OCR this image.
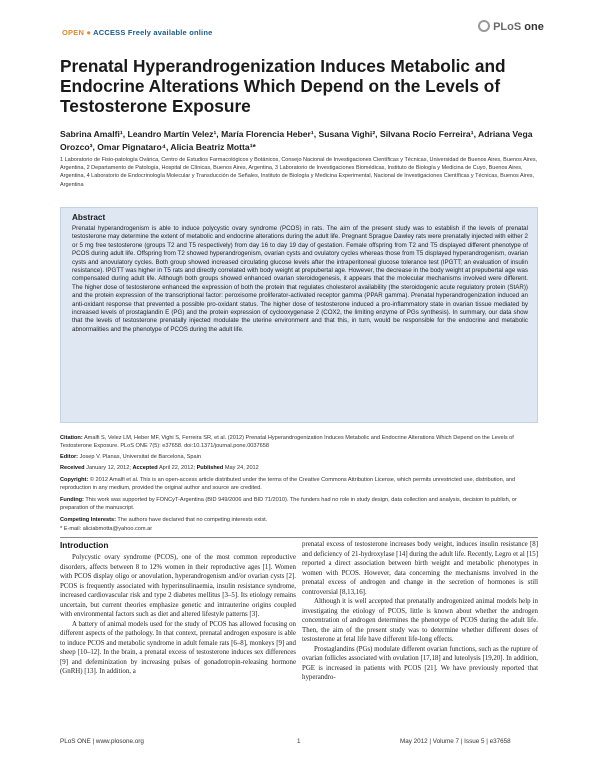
OPEN ● ACCESS Freely available online	PLoS one
Prenatal Hyperandrogenization Induces Metabolic and Endocrine Alterations Which Depend on the Levels of Testosterone Exposure
Sabrina Amalfi¹, Leandro Martín Velez¹, María Florencia Heber¹, Susana Vighi², Silvana Rocío Ferreira¹, Adriana Vega Orozco³, Omar Pignataro⁴, Alicia Beatriz Motta¹*
1 Laboratorio de Fisio-patología Ovárica, Centro de Estudios Farmacológicos y Botánicos, Consejo Nacional de Investigaciones Científicas y Técnicas, Universidad de Buenos Aires, Buenos Aires, Argentina, 2 Departamento de Patología, Hospital de Clínicas, Buenos Aires, Argentina, 3 Laboratorio de Investigaciones Biomédicas, Instituto de Biología y Medicina de Cuyo, Buenos Aires, Argentina, 4 Laboratorio de Endocrinología Molecular y Transducción de Señales, Instituto de Biología y Medicina Experimental, Nacional de Investigaciones Científicas y Técnicas, Buenos Aires, Argentina
Abstract
Prenatal hyperandrogenism is able to induce polycystic ovary syndrome (PCOS) in rats. The aim of the present study was to establish if the levels of prenatal testosterone may determine the extent of metabolic and endocrine alterations during the adult life. Pregnant Sprague Dawley rats were prenatally injected with either 2 or 5 mg free testosterone (groups T2 and T5 respectively) from day 16 to day 19 day of gestation. Female offspring from T2 and T5 displayed different phenotype of PCOS during adult life. Offspring from T2 showed hyperandrogenism, ovarian cysts and ovulatory cycles whereas those from T5 displayed hyperandrogenism, ovarian cysts and anovulatory cycles. Both group showed increased circulating glucose levels after the intraperitoneal glucose tolerance test (IPGTT; an evaluation of insulin resistance). IPGTT was higher in T5 rats and directly correlated with body weight at prepubertal age. However, the decrease in the body weight at prepubertal age was compensated during adult life. Although both groups showed enhanced ovarian steroidogenesis, it appears that the molecular mechanisms involved were different. The higher dose of testosterone enhanced the expression of both the protein that regulates cholesterol availability (the steroidogenic acute regulatory protein (StAR)) and the protein expression of the transcriptional factor: peroxisome proliferator-activated receptor gamma (PPAR gamma). Prenatal hyperandrogenization induced an anti-oxidant response that prevented a possible pro-oxidant status. The higher dose of testosterone induced a pro-inflammatory state in ovarian tissue mediated by increased levels of prostaglandin E (PG) and the protein expression of cyclooxygenase 2 (COX2, the limiting enzyme of PGs synthesis). In summary, our data show that the levels of testosterone prenatally injected modulate the uterine environment and that this, in turn, would be responsible for the endocrine and metabolic abnormalities and the phenotype of PCOS during the adult life.
Citation: Amalfi S, Velez LM, Heber MF, Vighi S, Ferreira SR, et al. (2012) Prenatal Hyperandrogenization Induces Metabolic and Endocrine Alterations Which Depend on the Levels of Testosterone Exposure. PLoS ONE 7(5): e37658. doi:10.1371/journal.pone.0037658
Editor: Josep V. Planas, Universitat de Barcelona, Spain
Received January 12, 2012; Accepted April 22, 2012; Published May 24, 2012
Copyright: © 2012 Amalfi et al. This is an open-access article distributed under the terms of the Creative Commons Attribution License, which permits unrestricted use, distribution, and reproduction in any medium, provided the original author and source are credited.
Funding: This work was supported by FONCyT-Argentina (BID 949/2006 and BID 71/2010). The funders had no role in study design, data collection and analysis, decision to publish, or preparation of the manuscript.
Competing Interests: The authors have declared that no competing interests exist.
* E-mail: aliciabmotta@yahoo.com.ar
Introduction

Polycystic ovary syndrome (PCOS), one of the most common reproductive disorders, affects between 8 to 12% women in their reproductive ages [1]. Women with PCOS display oligo or anovulation, hyperandrogenism and/or ovarian cysts [2]. PCOS is frequently associated with hyperinsulinaemia, insulin resistance syndrome, increased cardiovascular risk and type 2 diabetes mellitus [3–5]. Its etiology remains uncertain, but current theories emphasize genetic and intrauterine origins coupled with environmental factors such as diet and altered lifestyle patterns [3].

A battery of animal models used for the study of PCOS has allowed focusing on different aspects of the pathology. In that context, prenatal androgen exposure is able to induce PCOS and metabolic syndrome in adult female rats [6–8], monkeys [9] and sheep [10–12]. In the brain, a prenatal excess of testosterone induces sex differences [9] and defeminization by increasing pulses of gonadotropin-releasing hormone (GnRH) [13]. In addition, a

prenatal excess of testosterone increases body weight, induces insulin resistance [8] and deficiency of 21-hydroxylase [14] during the adult life. Recently, Legro et al [15] reported a direct association between birth weight and metabolic phenotypes in women with PCOS. However, data concerning the mechanisms involved in the prenatal excess of androgen and change in the secretion of hormones is still controversial [8,13,16].

Although it is well accepted that prenatally androgenized animal models help in investigating the etiology of PCOS, little is known about whether the androgen concentration of androgen determines the phenotype of PCOS during the adult life. Then, the aim of the present study was to determine whether different doses of testosterone at fetal life have different life-long effects.

Prostaglandins (PGs) modulate different ovarian functions, such as the rupture of ovarian follicles associated with ovulation [17,18] and luteolysis [19,20]. In addition, PGE is increased in patients with PCOS [21]. We have previously reported that hyperandro-

PLoS ONE | www.plosone.org	1	May 2012 | Volume 7 | Issue 5 | e37658
